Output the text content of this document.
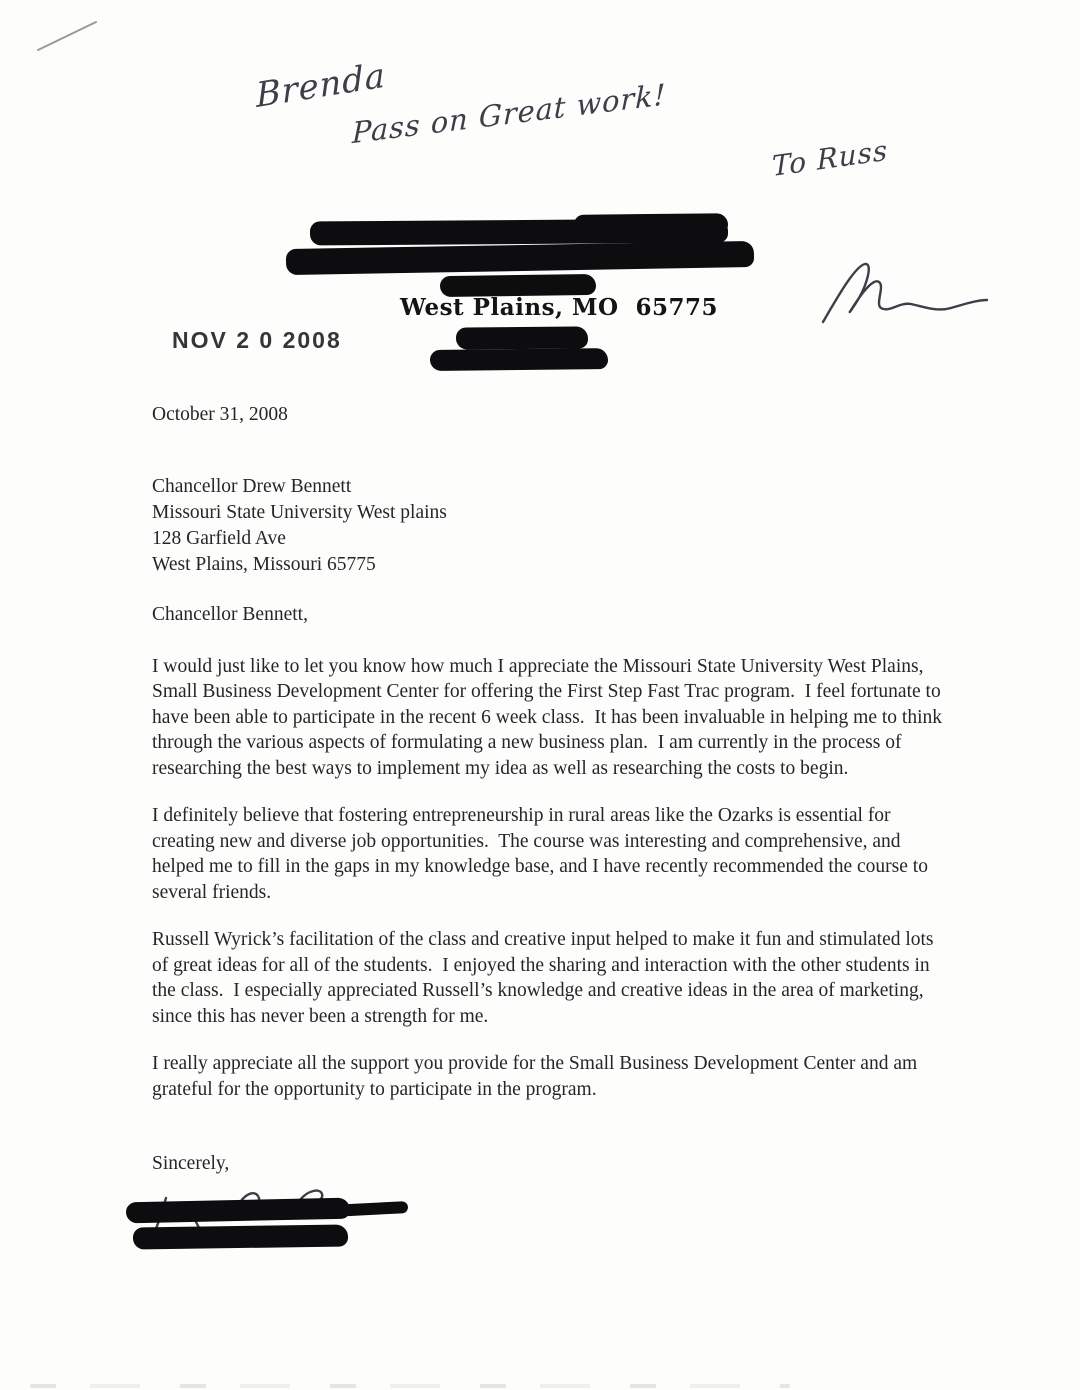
Brenda
Pass on Great work!
To Russ
West Plains, MO  65775
NOV 2 0 2008
October 31, 2008
Chancellor Drew Bennett
Missouri State University West plains
128 Garfield Ave
West Plains, Missouri 65775
Chancellor Bennett,

I would just like to let you know how much I appreciate the Missouri State University West Plains, Small Business Development Center for offering the First Step Fast Trac program.  I feel fortunate to have been able to participate in the recent 6 week class.  It has been invaluable in helping me to think through the various aspects of formulating a new business plan.  I am currently in the process of researching the best ways to implement my idea as well as researching the costs to begin.

I definitely believe that fostering entrepreneurship in rural areas like the Ozarks is essential for creating new and diverse job opportunities.  The course was interesting and comprehensive, and helped me to fill in the gaps in my knowledge base, and I have recently recommended the course to several friends.

Russell Wyrick’s facilitation of the class and creative input helped to make it fun and stimulated lots of great ideas for all of the students.  I enjoyed the sharing and interaction with the other students in the class.  I especially appreciated Russell’s knowledge and creative ideas in the area of marketing, since this has never been a strength for me.

I really appreciate all the support you provide for the Small Business Development Center and am grateful for the opportunity to participate in the program.

Sincerely,
